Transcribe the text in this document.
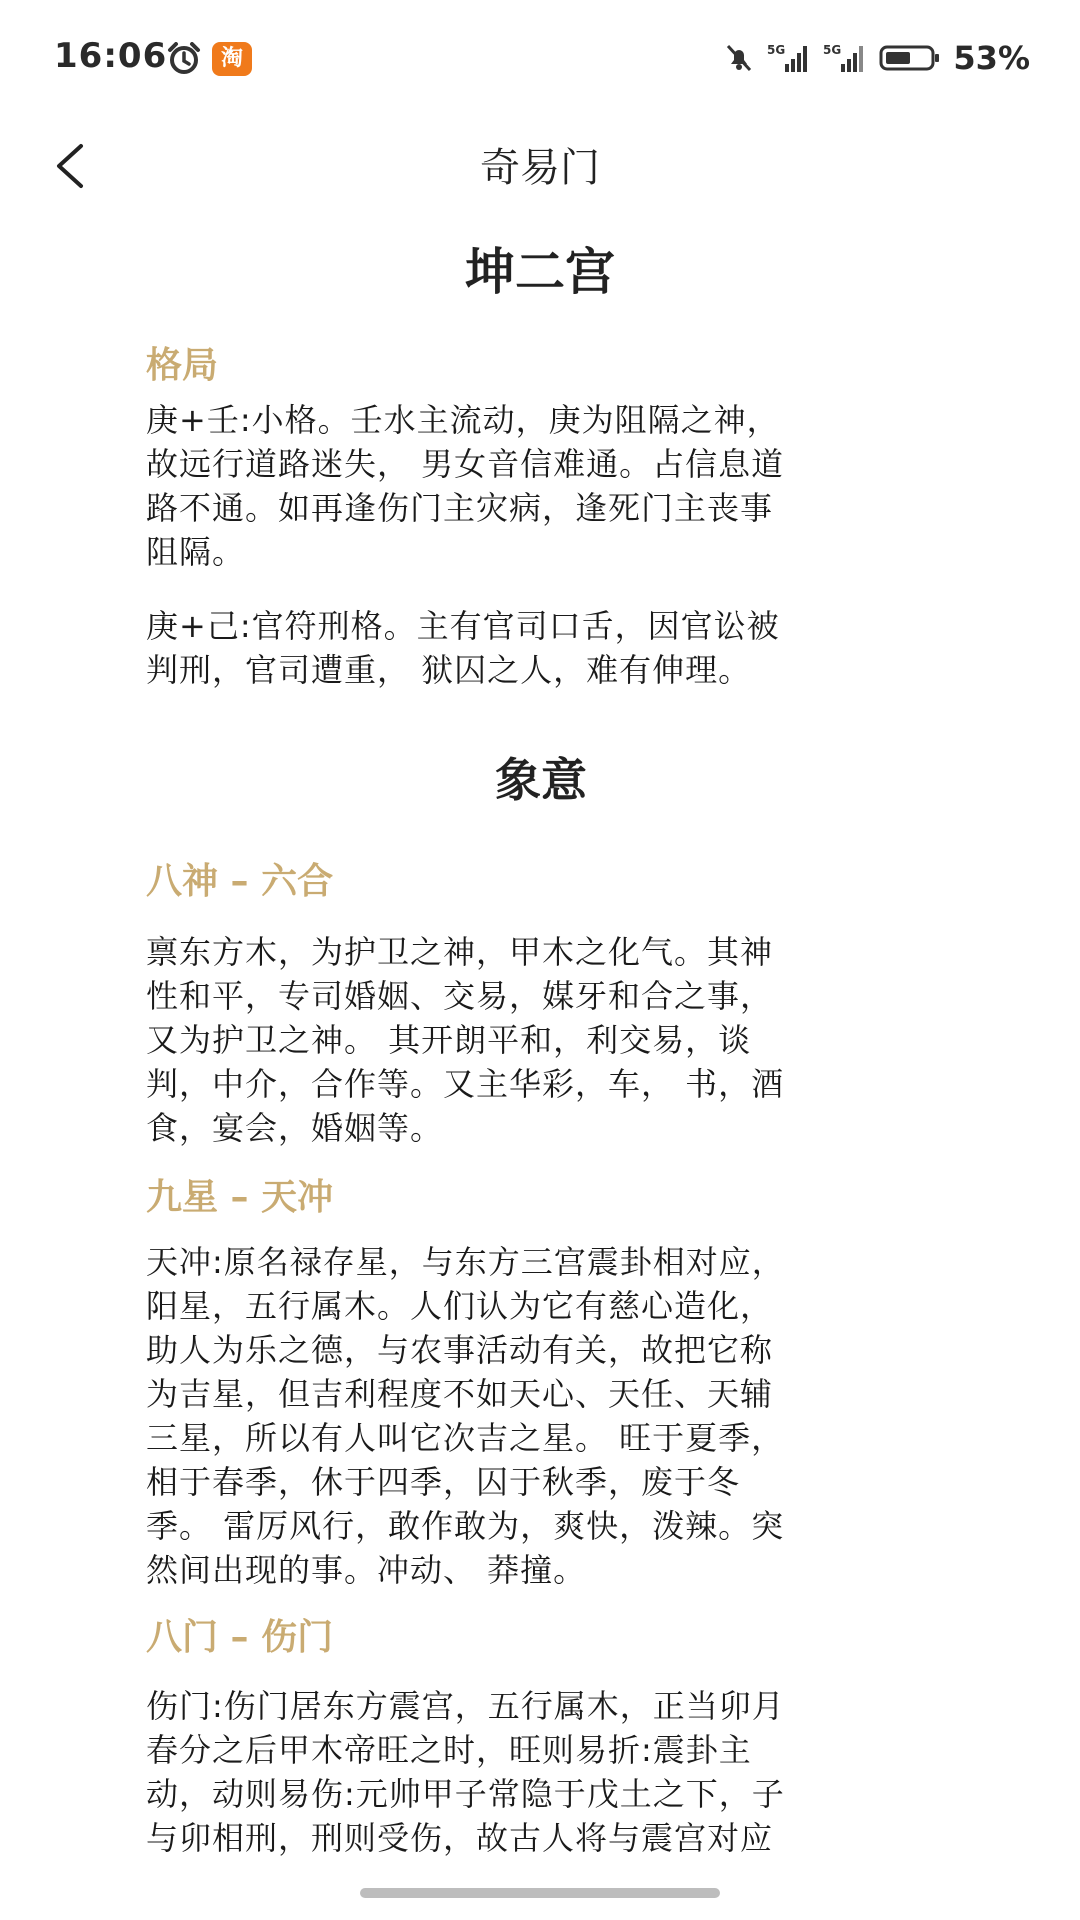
16:06	淘	5G	5G	53%
奇易门
坤二宫
格局

庚+壬:小格。壬水主流动，庚为阻隔之神，

故远行道路迷失， 男女音信难通。占信息道

路不通。如再逢伤门主灾病，逢死门主丧事

阻隔。

庚+己:官符刑格。主有官司口舌，因官讼被

判刑，官司遭重， 狱囚之人，难有伸理。

象意
八神 – 六合

禀东方木，为护卫之神，甲木之化气。其神

性和平，专司婚姻、交易，媒牙和合之事，

又为护卫之神。 其开朗平和，利交易，谈

判，中介，合作等。又主华彩，车， 书，酒

食，宴会，婚姻等。

九星 – 天冲

天冲:原名禄存星，与东方三宫震卦相对应，

阳星，五行属木。人们认为它有慈心造化，

助人为乐之德，与农事活动有关，故把它称

为吉星，但吉利程度不如天心、天任、天辅

三星，所以有人叫它次吉之星。 旺于夏季，

相于春季，休于四季，囚于秋季，废于冬

季。 雷厉风行，敢作敢为，爽快，泼辣。突

然间出现的事。冲动、 莽撞。

八门 – 伤门

伤门:伤门居东方震宫，五行属木，正当卯月

春分之后甲木帝旺之时，旺则易折:震卦主

动，动则易伤:元帅甲子常隐于戊土之下，子

与卯相刑，刑则受伤，故古人将与震宫对应
